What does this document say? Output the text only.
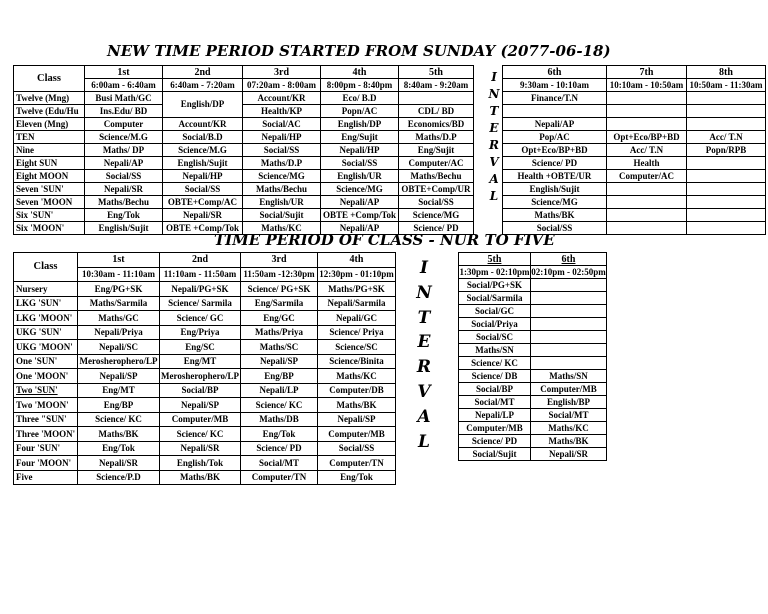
NEW TIME PERIOD STARTED FROM SUNDAY (2077-06-18)
Class	1st	2nd	3rd	4th	5th
	6:00am - 6:40am	6:40am - 7:20am	07:20am - 8:00am	8:00pm - 8:40pm	8:40am - 9:20am
Twelve (Mng)	Busi Math/GC	English/DP	Account/KR	Eco/ B.D	
Twelve (Edu/Hu	Ins.Edu/ BD		Health/KP	Popn/AC	CDL/ BD
Eleven (Mng)	Computer	Account/KR	Social/AC	English/DP	Economics/BD
TEN	Science/M.G	Social/B.D	Nepali/HP	Eng/Sujit	Maths/D.P
Nine	Maths/ DP	Science/M.G	Social/SS	Nepali/HP	Eng/Sujit
Eight SUN	Nepali/AP	English/Sujit	Maths/D.P	Social/SS	Computer/AC
Eight MOON	Social/SS	Nepali/HP	Science/MG	English/UR	Maths/Bechu
Seven 'SUN'	Nepali/SR	Social/SS	Maths/Bechu	Science/MG	OBTE+Comp/UR
Seven 'MOON	Maths/Bechu	OBTE+Comp/AC	English/UR	Nepali/AP	Social/SS
Six 'SUN'	Eng/Tok	Nepali/SR	Social/Sujit	OBTE +Comp/Tok	Science/MG
Six 'MOON'	English/Sujit	OBTE +Comp/Tok	Maths/KC	Nepali/AP	Science/ PD
I
N
T
E
R
V
A
L
6th	7th	8th
9:30am - 10:10am	10:10am - 10:50am	10:50am - 11:30am
Finance/T.N		

Nepali/AP		
Pop/AC	Opt+Eco/BP+BD	Acc/ T.N
Opt+Eco/BP+BD	Acc/ T.N	Popn/RPB
Science/ PD	Health	
Health +OBTE/UR	Computer/AC	
English/Sujit		
Science/MG		
Maths/BK		
Social/SS		
TIME PERIOD OF CLASS - NUR TO FIVE
Class	1st	2nd	3rd	4th
	10:30am - 11:10am	11:10am - 11:50am	11:50am -12:30pm	12:30pm - 01:10pm
Nursery	Eng/PG+SK	Nepali/PG+SK	Science/ PG+SK	Maths/PG+SK
LKG 'SUN'	Maths/Sarmila	Science/ Sarmila	Eng/Sarmila	Nepali/Sarmila
LKG 'MOON'	Maths/GC	Science/ GC	Eng/GC	Nepali/GC
UKG 'SUN'	Nepali/Priya	Eng/Priya	Maths/Priya	Science/ Priya
UKG 'MOON'	Nepali/SC	Eng/SC	Maths/SC	Science/SC
One 'SUN'	Merosherophero/LP	Eng/MT	Nepali/SP	Science/Binita
One 'MOON'	Nepali/SP	Merosherophero/LP	Eng/BP	Maths/KC
Two 'SUN'	Eng/MT	Social/BP	Nepali/LP	Computer/DB
Two 'MOON'	Eng/BP	Nepali/SP	Science/ KC	Maths/BK
Three "SUN'	Science/ KC	Computer/MB	Maths/DB	Nepali/SP
Three 'MOON'	Maths/BK	Science/ KC	Eng/Tok	Computer/MB
Four 'SUN'	Eng/Tok	Nepali/SR	Science/ PD	Social/SS
Four 'MOON'	Nepali/SR	English/Tok	Social/MT	Computer/TN
Five	Science/P.D	Maths/BK	Computer/TN	Eng/Tok
I
N
T
E
R
V
A
L
5th	6th
1:30pm - 02:10pm	02:10pm - 02:50pm
Social/PG+SK	
Social/Sarmila	
Social/GC	
Social/Priya	
Social/SC	
Maths/SN	
Science/ KC	
Science/ DB	Maths/SN
Social/BP	Computer/MB
Social/MT	English/BP
Nepali/LP	Social/MT
Computer/MB	Maths/KC
Science/ PD	Maths/BK
Social/Sujit	Nepali/SR
